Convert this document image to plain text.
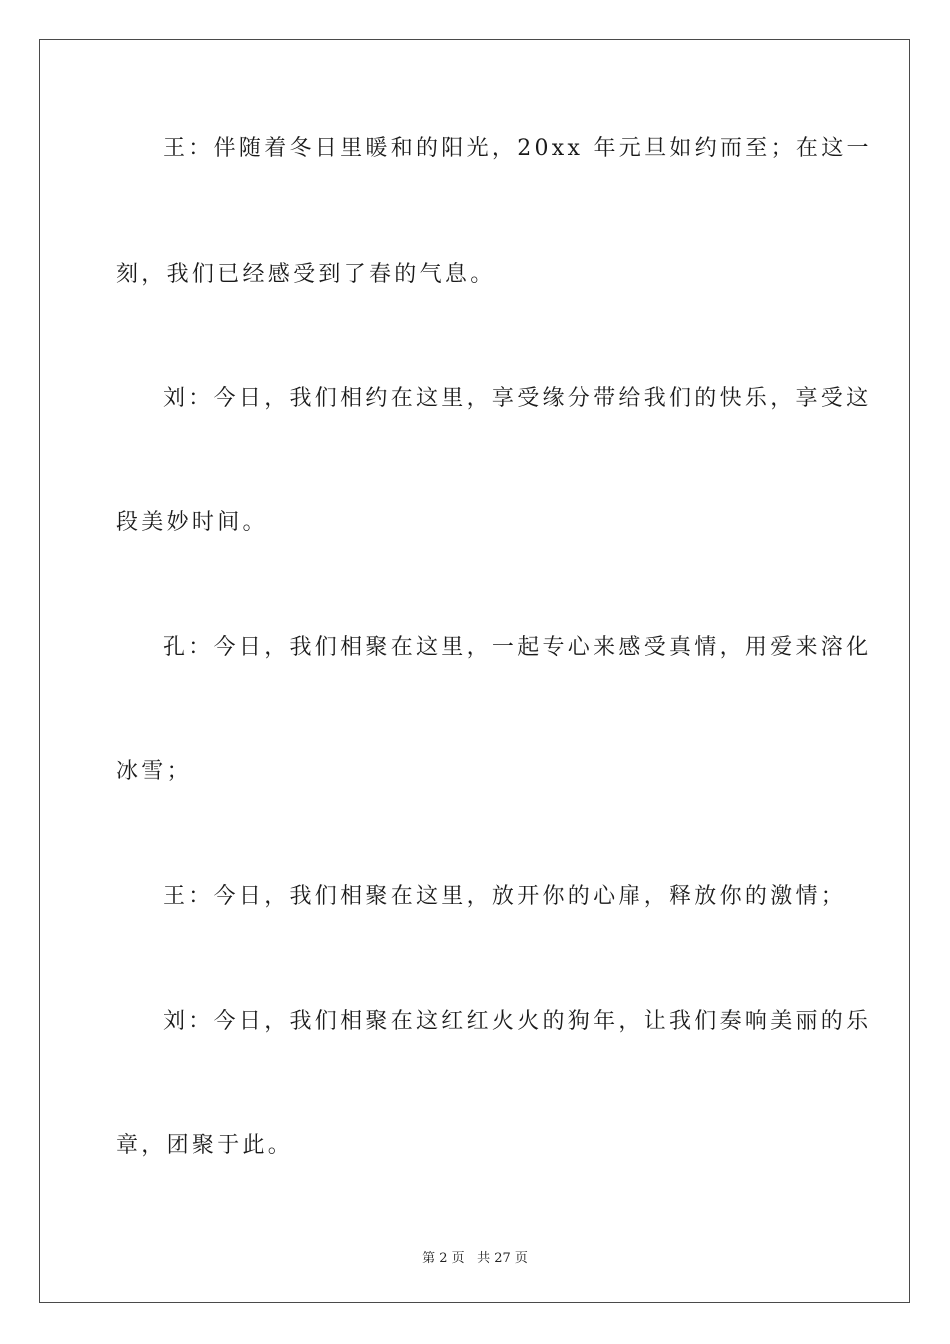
王：伴随着冬日里暖和的阳光，20xx 年元旦如约而至；在这一
刻，我们已经感受到了春的气息。
刘：今日，我们相约在这里，享受缘分带给我们的快乐，享受这
段美妙时间。
孔：今日，我们相聚在这里，一起专心来感受真情，用爱来溶化
冰雪；
王：今日，我们相聚在这里，放开你的心扉，释放你的激情；
刘：今日，我们相聚在这红红火火的狗年，让我们奏响美丽的乐
章，团聚于此。
第 2 页 共 27 页
